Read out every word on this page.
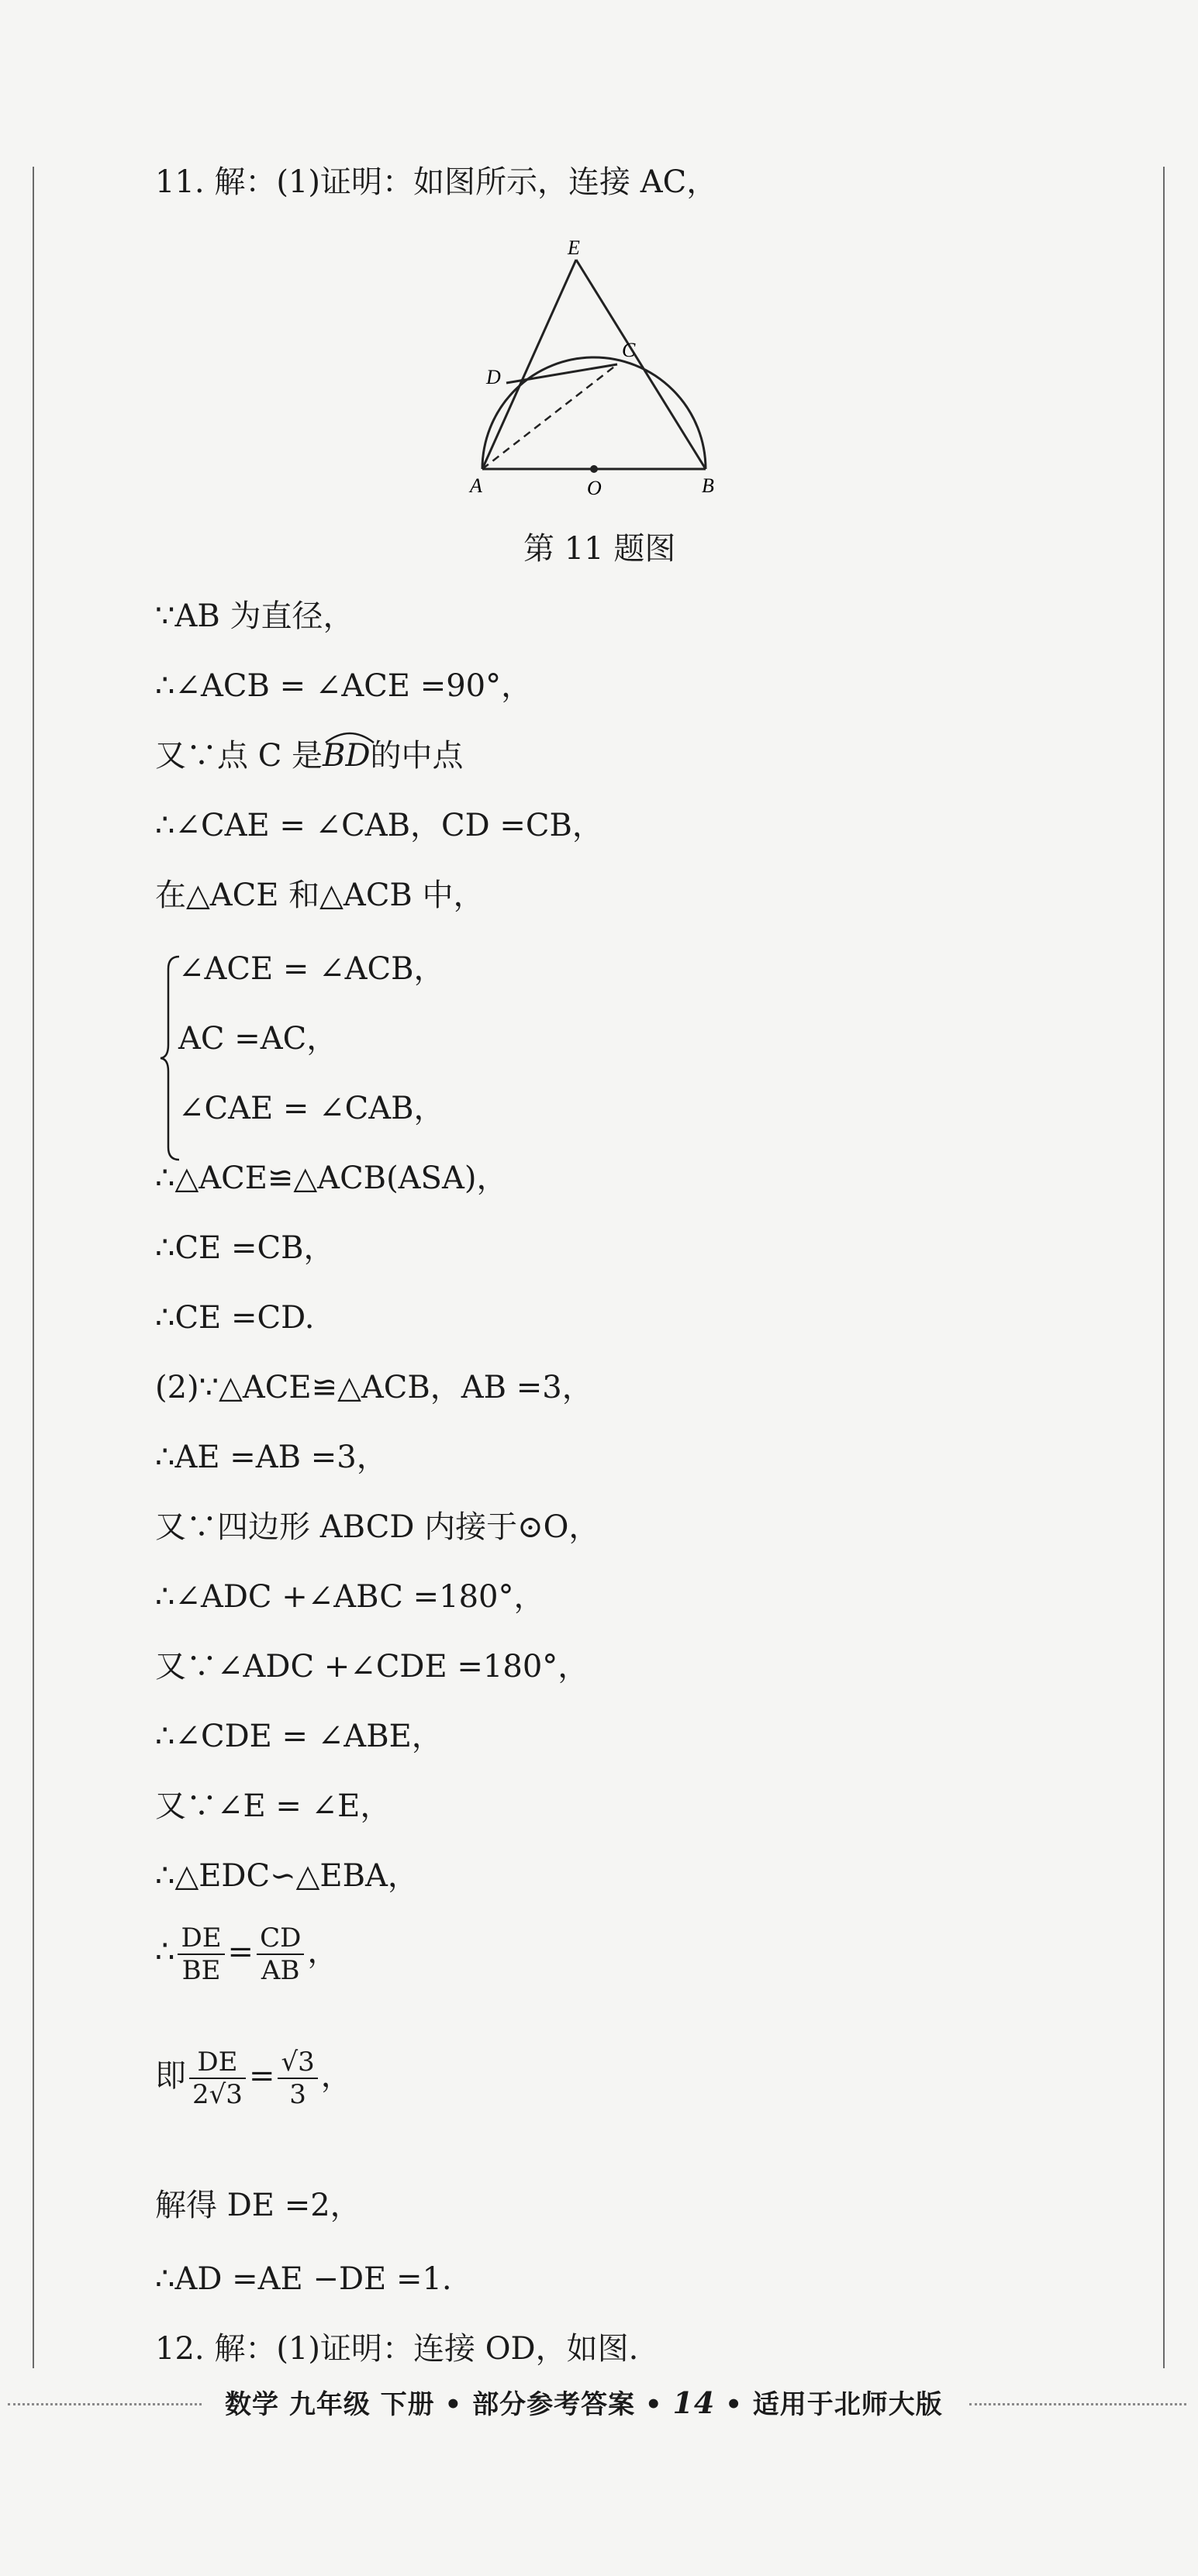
11. 解：(1)证明：如图所示，连接 AC，
E
C
D
A	O	B
第 11 题图
∵AB 为直径，
∴∠ACB = ∠ACE =90°，
又∵点 C 是
BD的中点
∴∠CAE = ∠CAB，CD =CB，
在△ACE 和△ACB 中，
∠ACE = ∠ACB，
AC =AC，
∠CAE = ∠CAB，
∴△ACE≌△ACB(ASA)，
∴CE =CB，
∴CE =CD.
(2)∵△ACE≌△ACB，AB =3，
∴AE =AB =3，
又∵四边形 ABCD 内接于⊙O，
∴∠ADC +∠ABC =180°，
又∵∠ADC +∠CDE =180°，
∴∠CDE = ∠ABE，
又∵∠E = ∠E，
∴△EDC∽△EBA，
∴ $\frac{DE}{BE} = \frac{CD}{AB}$ ，
即 $\frac{DE}{2√3} = \frac{√3}{3}$ ，
解得 DE =2，
∴AD =AE −DE =1.
12. 解：(1)证明：连接 OD，如图.
数学 九年级 下册 • 部分参考答案 • 14 • 适用于北师大版
